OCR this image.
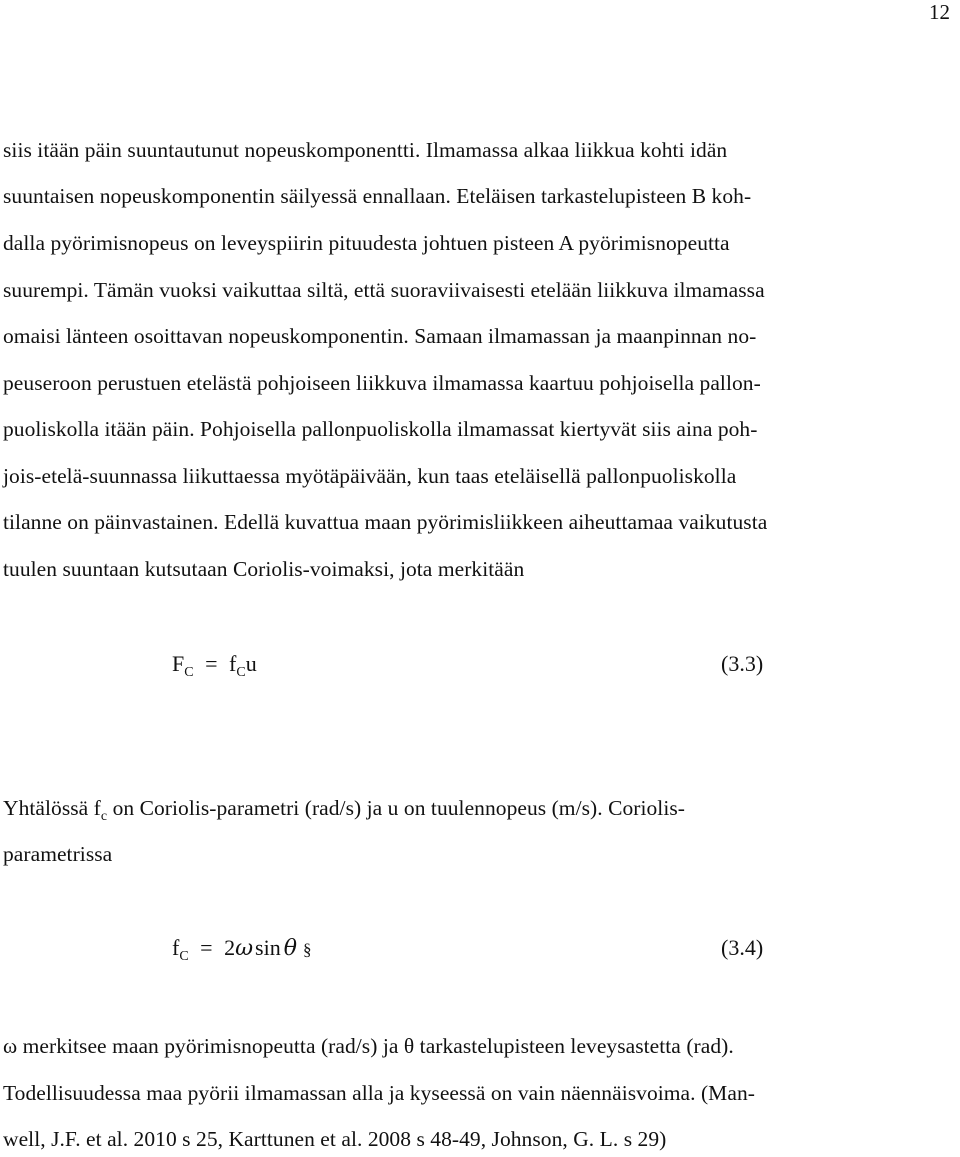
12
siis itään päin suuntautunut nopeuskomponentti. Ilmamassa alkaa liikkua kohti idän
suuntaisen nopeuskomponentin säilyessä ennallaan. Eteläisen tarkastelupisteen B koh-
dalla pyörimisnopeus on leveyspiirin pituudesta johtuen pisteen A pyörimisnopeutta
suurempi. Tämän vuoksi vaikuttaa siltä, että suoraviivaisesti etelään liikkuva ilmamassa
omaisi länteen osoittavan nopeuskomponentin. Samaan ilmamassan ja maanpinnan no-
peuseroon perustuen etelästä pohjoiseen liikkuva ilmamassa kaartuu pohjoisella pallon-
puoliskolla itään päin. Pohjoisella pallonpuoliskolla ilmamassat kiertyvät siis aina poh-
jois-etelä-suunnassa liikuttaessa myötäpäivään, kun taas eteläisellä pallonpuoliskolla
tilanne on päinvastainen. Edellä kuvattua maan pyörimisliikkeen aiheuttamaa vaikutusta
tuulen suuntaan kutsutaan Coriolis-voimaksi, jota merkitään
$F_C = f_Cu$	(3.3)
Yhtälössä $f_c$ on Coriolis-parametri (rad/s) ja u on tuulennopeus (m/s). Coriolis-
parametrissa
$f_C = 2\omega\sin$ θ §	(3.4)
ω merkitsee maan pyörimisnopeutta (rad/s) ja θ tarkastelupisteen leveysastetta (rad).
Todellisuudessa maa pyörii ilmamassan alla ja kyseessä on vain näennäisvoima. (Man-
well, J.F. et al. 2010 s 25, Karttunen et al. 2008 s 48-49, Johnson, G. L. s 29)
